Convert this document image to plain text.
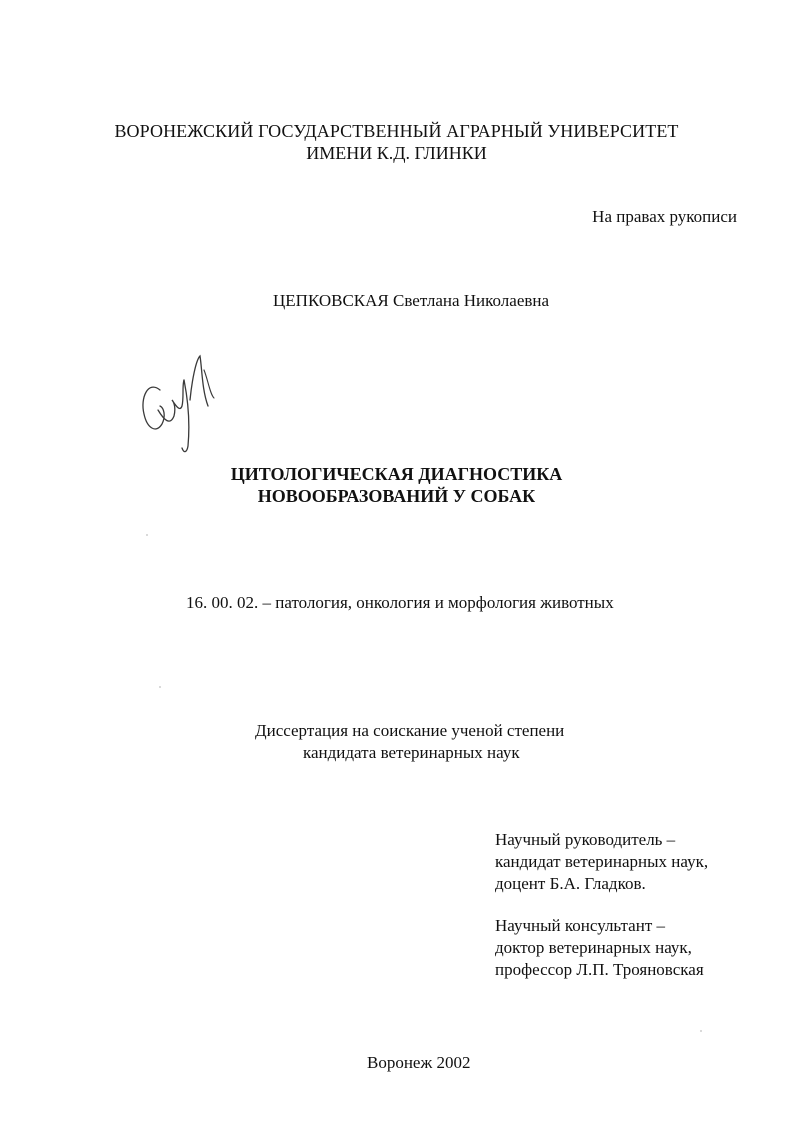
ВОРОНЕЖСКИЙ ГОСУДАРСТВЕННЫЙ АГРАРНЫЙ УНИВЕРСИТЕТ
ИМЕНИ К.Д. ГЛИНКИ
На правах рукописи
ЦЕПКОВСКАЯ Светлана Николаевна
ЦИТОЛОГИЧЕСКАЯ ДИАГНОСТИКА
НОВООБРАЗОВАНИЙ У СОБАК
16. 00. 02. – патология, онкология и морфология животных
Диссертация на соискание ученой степени
кандидата ветеринарных наук
Научный руководитель –
кандидат ветеринарных наук,
доцент Б.А. Гладков.
Научный консультант –
доктор ветеринарных наук,
профессор Л.П. Трояновская
Воронеж 2002
